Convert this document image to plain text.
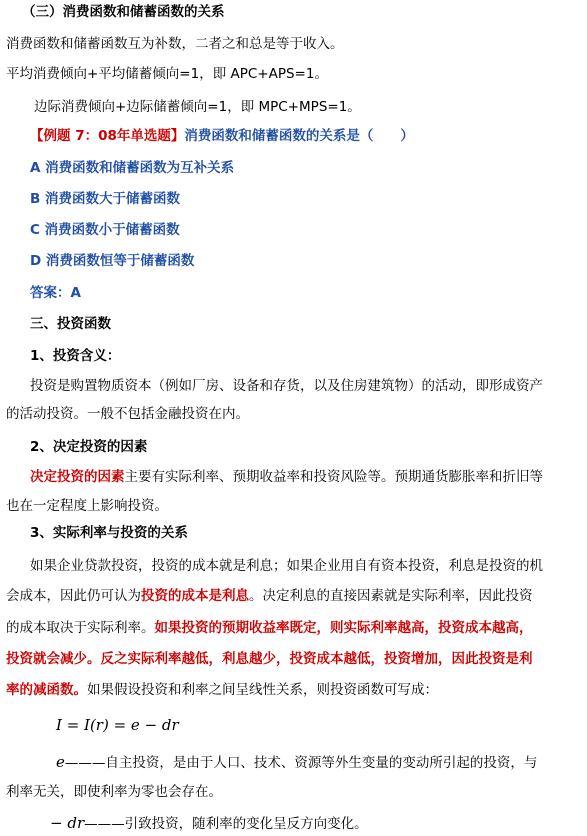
（三）消费函数和储蓄函数的关系
消费函数和储蓄函数互为补数，二者之和总是等于收入。
平均消费倾向+平均储蓄倾向=1，即 APC+APS=1。
边际消费倾向+边际储蓄倾向=1，即 MPC+MPS=1。
【例题 7：08年单选题】消费函数和储蓄函数的关系是（　　）
A 消费函数和储蓄函数为互补关系
B 消费函数大于储蓄函数
C 消费函数小于储蓄函数
D 消费函数恒等于储蓄函数
答案：A
三、投资函数
1、投资含义：
投资是购置物质资本（例如厂房、设备和存货，以及住房建筑物）的活动，即形成资产
的活动投资。一般不包括金融投资在内。
2、决定投资的因素
决定投资的因素主要有实际利率、预期收益率和投资风险等。预期通货膨胀率和折旧等
也在一定程度上影响投资。
3、实际利率与投资的关系
如果企业贷款投资，投资的成本就是利息；如果企业用自有资本投资，利息是投资的机
会成本，因此仍可认为投资的成本是利息。决定利息的直接因素就是实际利率，因此投资
的成本取决于实际利率。如果投资的预期收益率既定，则实际利率越高，投资成本越高，
投资就会减少。反之实际利率越低，利息越少，投资成本越低，投资增加，因此投资是利
率的减函数。如果假设投资和利率之间呈线性关系，则投资函数可写成：
I = I(r) = e − dr
e———自主投资，是由于人口、技术、资源等外生变量的变动所引起的投资，与
利率无关，即使利率为零也会存在。
− dr———引致投资，随利率的变化呈反方向变化。
